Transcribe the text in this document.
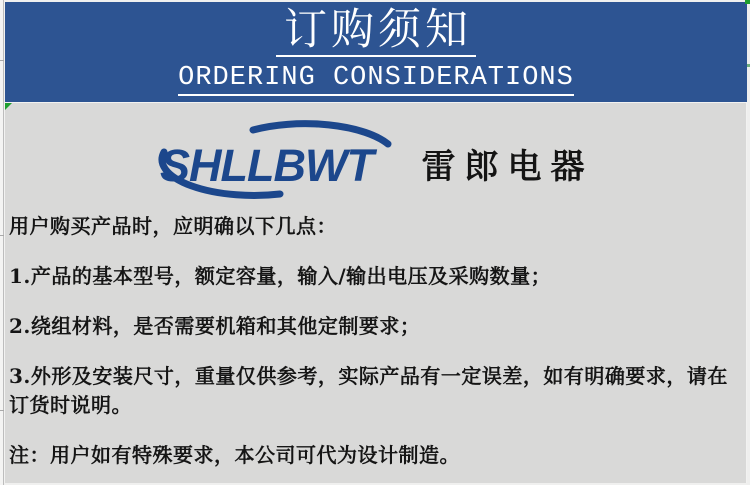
订购须知
ORDERING CONSIDERATIONS
SHLLBWT 雷郎电器

用户购买产品时，应明确以下几点：

1.产品的基本型号，额定容量，输入/输出电压及采购数量；

2.绕组材料，是否需要机箱和其他定制要求；

3.外形及安装尺寸，重量仅供参考，实际产品有一定误差，如有明确要求，请在订货时说明。

注：用户如有特殊要求，本公司可代为设计制造。
